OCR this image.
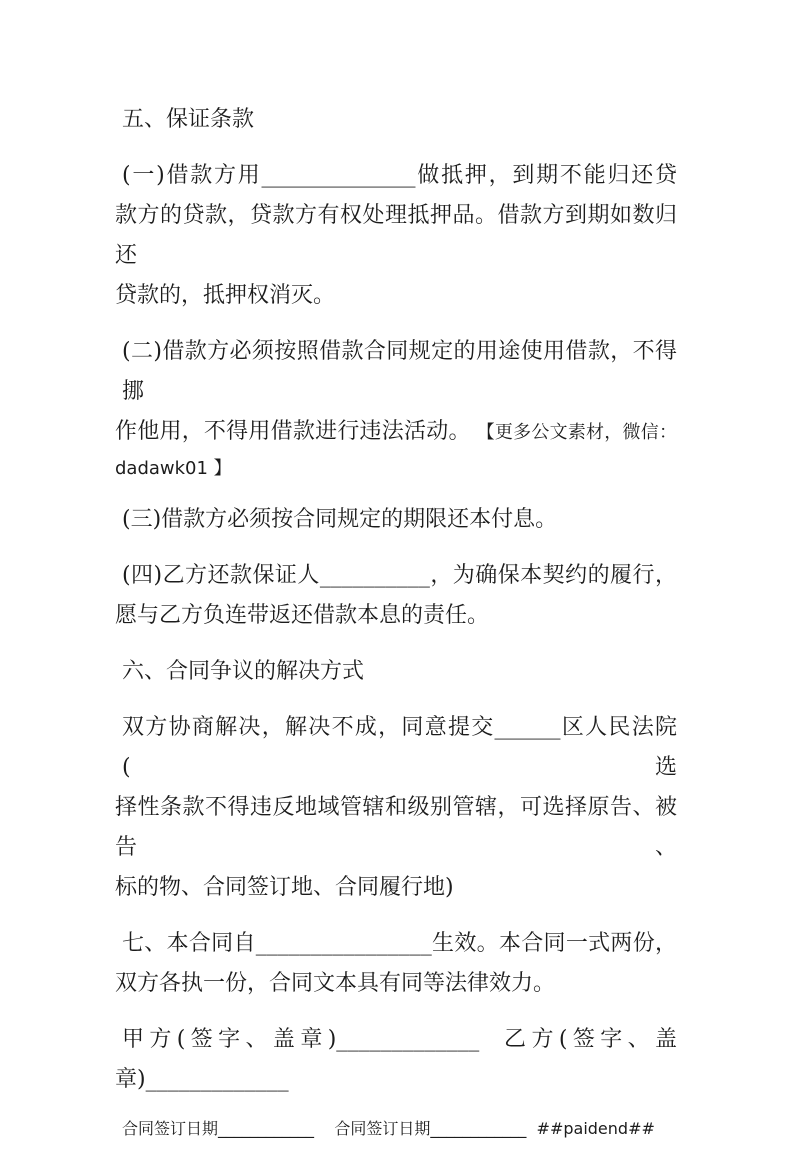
五、保证条款
(一)借款方用______________做抵押，到期不能归还贷
款方的贷款，贷款方有权处理抵押品。借款方到期如数归还
贷款的，抵押权消灭。
(二)借款方必须按照借款合同规定的用途使用借款，不得挪
作他用，不得用借款进行违法活动。 【更多公文素材，微信：
dadawk01 】
(三)借款方必须按合同规定的期限还本付息。
(四)乙方还款保证人__________，为确保本契约的履行，
愿与乙方负连带返还借款本息的责任。
六、合同争议的解决方式
双方协商解决，解决不成，同意提交______区人民法院(选
择性条款不得违反地域管辖和级别管辖，可选择原告、被告、
标的物、合同签订地、合同履行地)
七、本合同自________________生效。本合同一式两份，
双方各执一份，合同文本具有同等法律效力。
甲方(签字、盖章)_____________  乙方(签字、盖
章)_____________
合同签订日期____________    合同签订日期____________  ##paidend##
